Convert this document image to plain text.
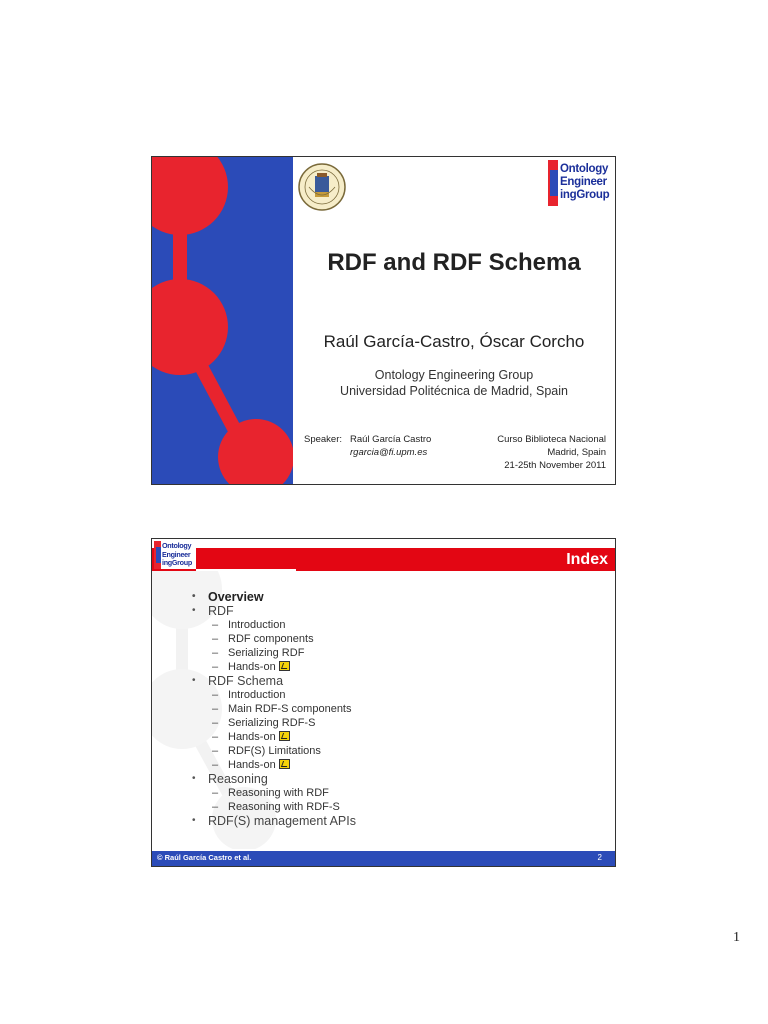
Ontology
Engineer
ingGroup
RDF and RDF Schema
Raúl García-Castro, Óscar Corcho
Ontology Engineering Group
Universidad Politécnica de Madrid, Spain
Speaker: Raúl García Castro
rgarcia@fi.upm.es
Curso Biblioteca Nacional
Madrid, Spain
21-25th November 2011
Index
Ontology
Engineer
ingGroup
• Overview
• RDF
– Introduction
– RDF components
– Serializing RDF
– Hands-on
• RDF Schema
– Introduction
– Main RDF-S components
– Serializing RDF-S
– Hands-on
– RDF(S) Limitations
– Hands-on
• Reasoning
– Reasoning with RDF
– Reasoning with RDF-S
• RDF(S) management APIs
© Raúl García Castro et al.	2
1
